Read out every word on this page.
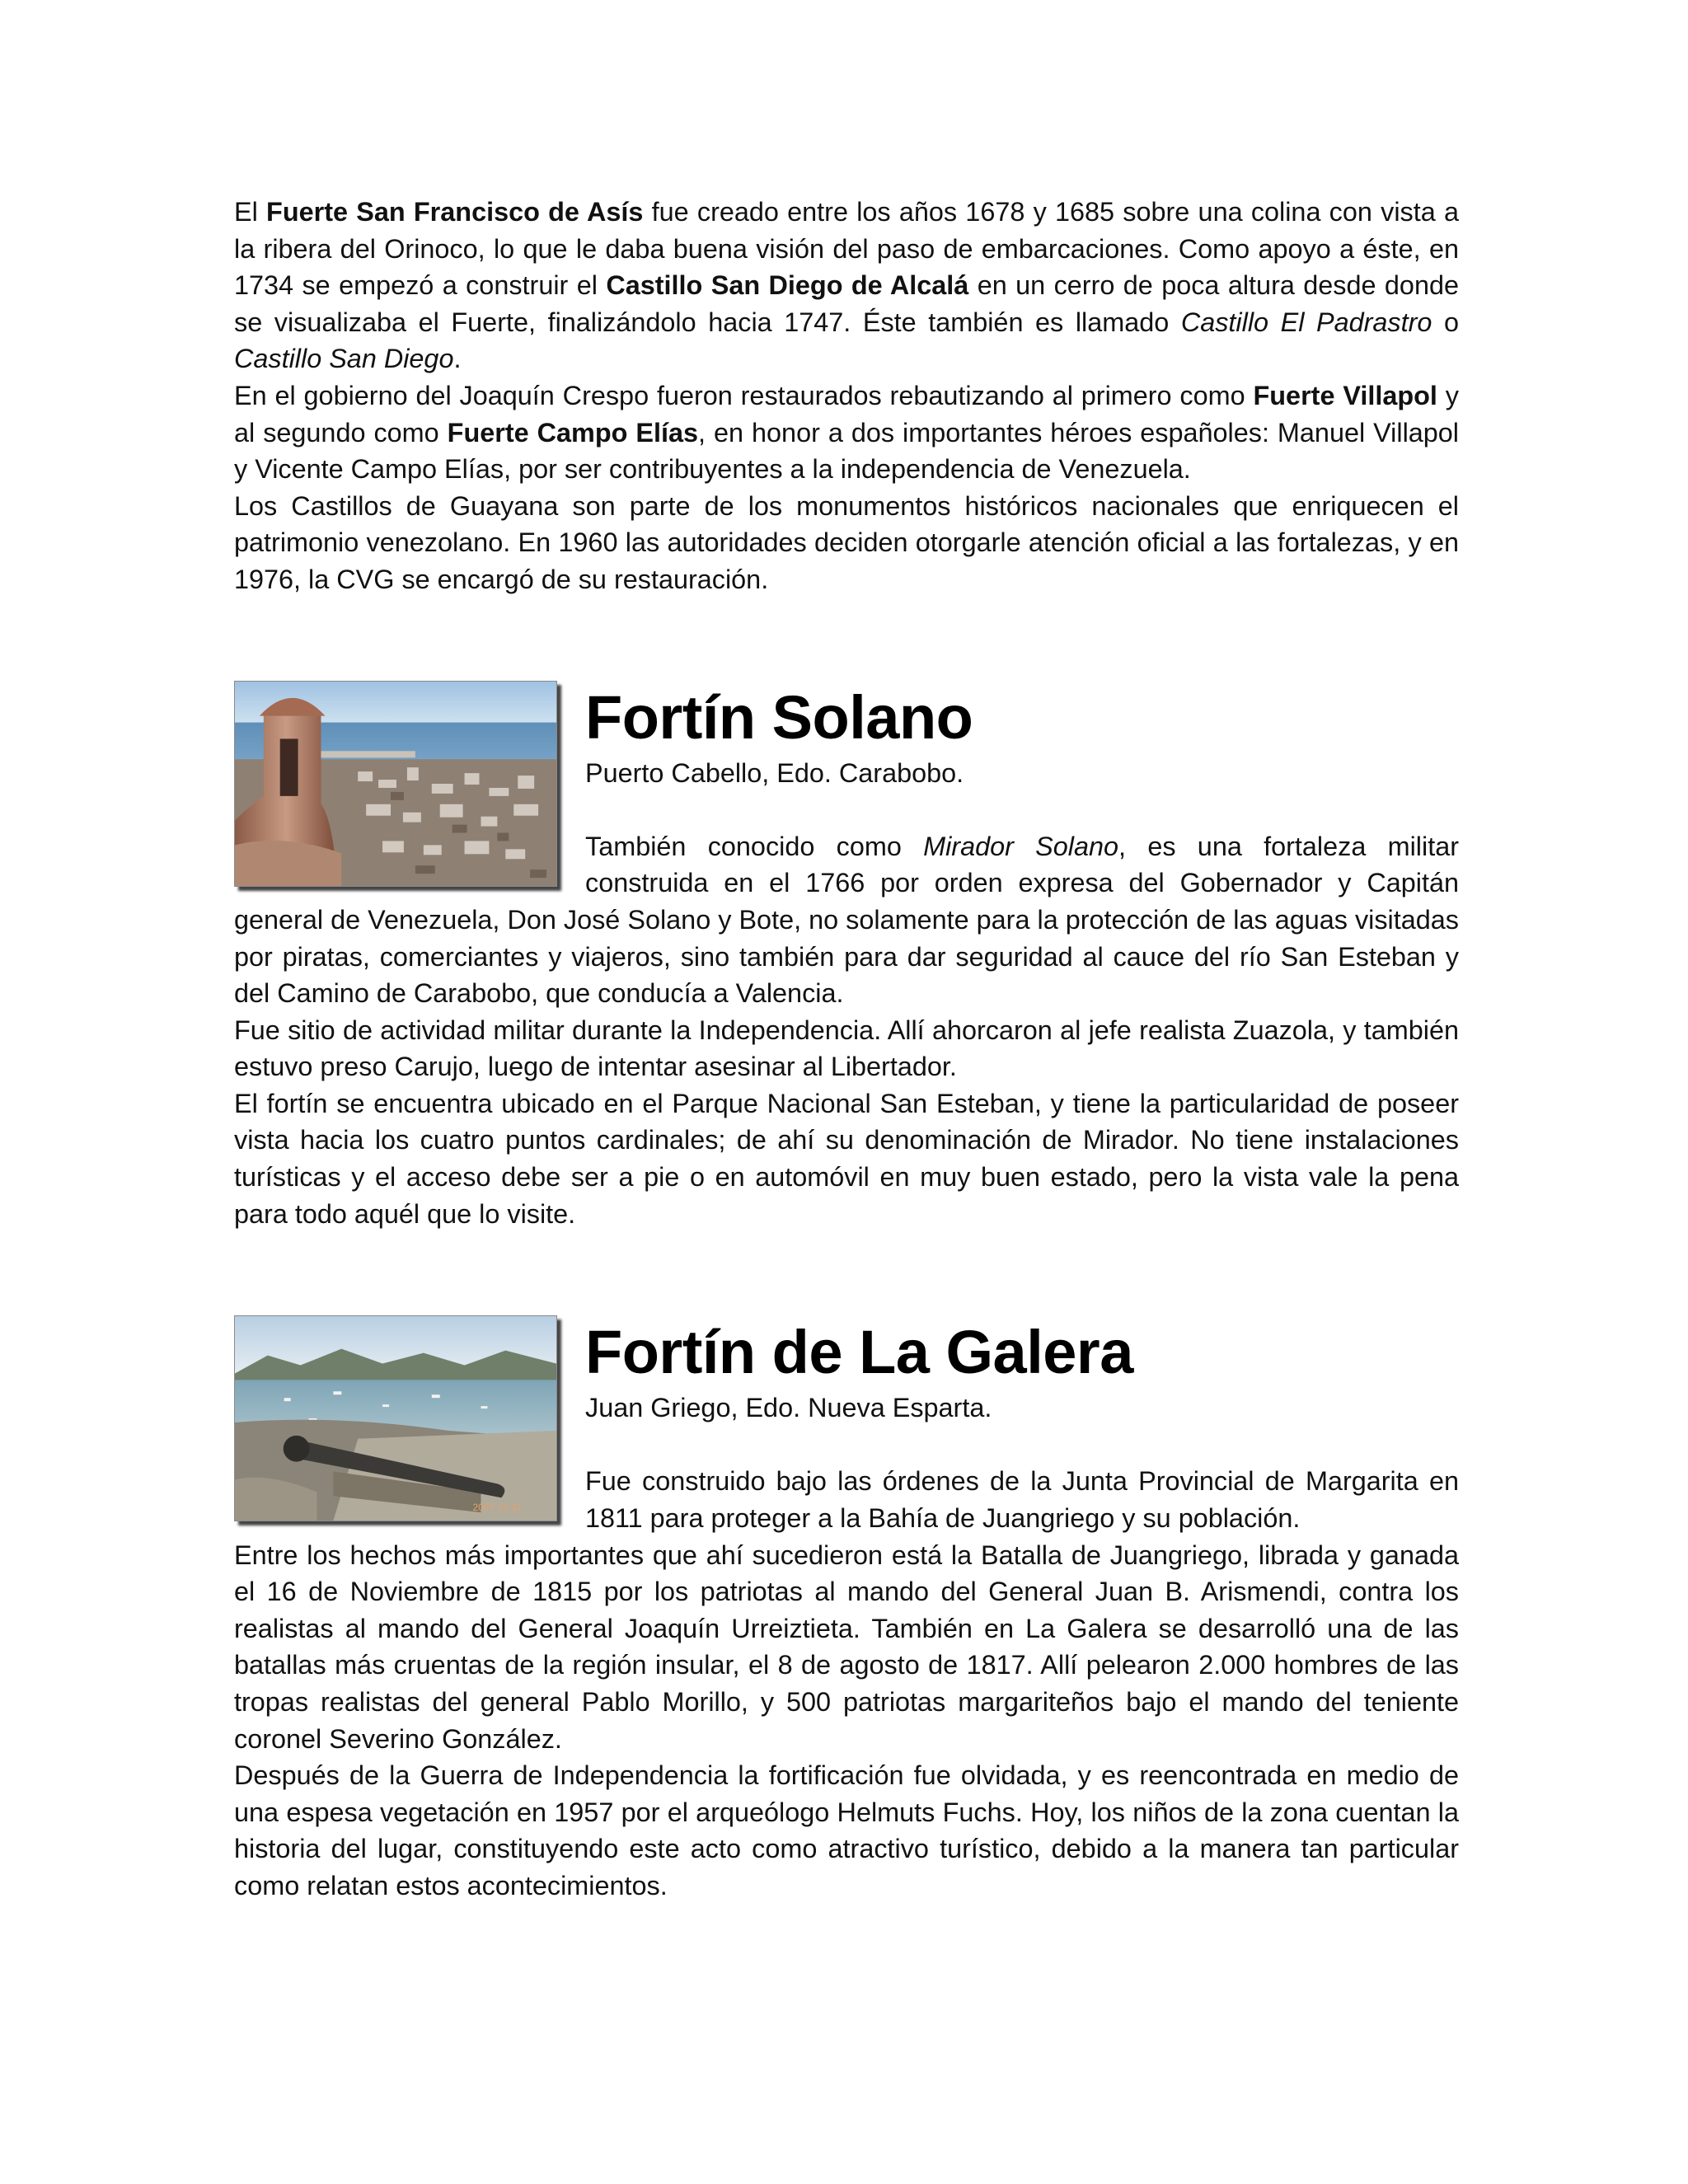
El Fuerte San Francisco de Asís fue creado entre los años 1678 y 1685 sobre una colina con vista a la ribera del Orinoco, lo que le daba buena visión del paso de embarcaciones. Como apoyo a éste, en 1734 se empezó a construir el Castillo San Diego de Alcalá en un cerro de poca altura desde donde se visualizaba el Fuerte, finalizándolo hacia 1747. Éste también es llamado Castillo El Padrastro o Castillo San Diego.

En el gobierno del Joaquín Crespo fueron restaurados rebautizando al primero como Fuerte Villapol y al segundo como Fuerte Campo Elías, en honor a dos importantes héroes españoles: Manuel Villapol y Vicente Campo Elías, por ser contribuyentes a la independencia de Venezuela.

Los Castillos de Guayana son parte de los monumentos históricos nacionales que enriquecen el patrimonio venezolano. En 1960 las autoridades deciden otorgarle atención oficial a las fortalezas, y en 1976, la CVG se encargó de su restauración.

Fortín Solano

Puerto Cabello, Edo. Carabobo.

También conocido como Mirador Solano, es una fortaleza militar construida en el 1766 por orden expresa del Gobernador y Capitán general de Venezuela, Don José Solano y Bote, no solamente para la protección de las aguas visitadas por piratas, comerciantes y viajeros, sino también para dar seguridad al cauce del río San Esteban y del Camino de Carabobo, que conducía a Valencia.

Fue sitio de actividad militar durante la Independencia. Allí ahorcaron al jefe realista Zuazola, y también estuvo preso Carujo, luego de intentar asesinar al Libertador.

El fortín se encuentra ubicado en el Parque Nacional San Esteban, y tiene la particularidad de poseer vista hacia los cuatro puntos cardinales; de ahí su denominación de Mirador. No tiene instalaciones turísticas y el acceso debe ser a pie o en automóvil en muy buen estado, pero la vista vale la pena para todo aquél que lo visite.

2007.12.31
Fortín de La Galera

Juan Griego, Edo. Nueva Esparta.

Fue construido bajo las órdenes de la Junta Provincial de Margarita en 1811 para proteger a la Bahía de Juangriego y su población.

Entre los hechos más importantes que ahí sucedieron está la Batalla de Juangriego, librada y ganada el 16 de Noviembre de 1815 por los patriotas al mando del General Juan B. Arismendi, contra los realistas al mando del General Joaquín Urreiztieta. También en La Galera se desarrolló una de las batallas más cruentas de la región insular, el 8 de agosto de 1817. Allí pelearon 2.000 hombres de las tropas realistas del general Pablo Morillo, y 500 patriotas margariteños bajo el mando del teniente coronel Severino González.

Después de la Guerra de Independencia la fortificación fue olvidada, y es reencontrada en medio de una espesa vegetación en 1957 por el arqueólogo Helmuts Fuchs. Hoy, los niños de la zona cuentan la historia del lugar, constituyendo este acto como atractivo turístico, debido a la manera tan particular como relatan estos acontecimientos.
